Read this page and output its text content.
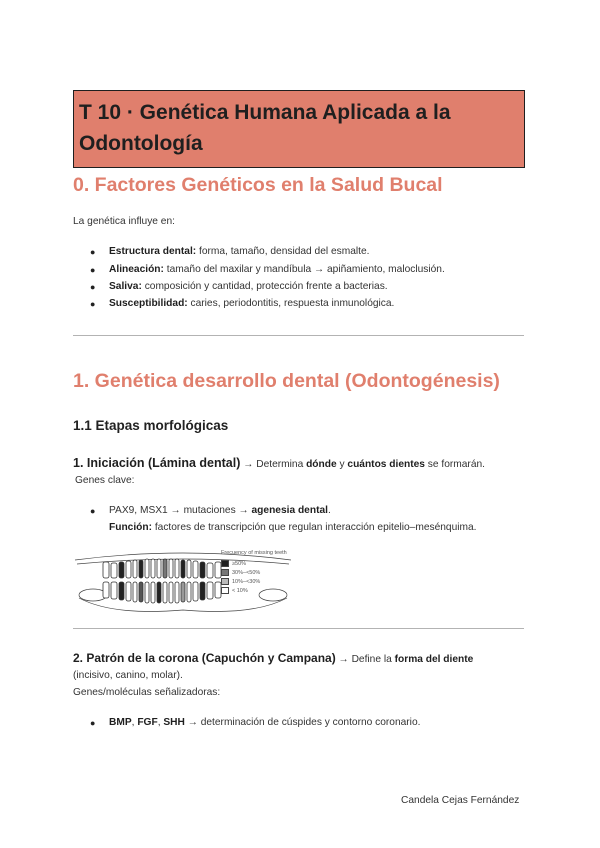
T 10 · Genética Humana Aplicada a la
Odontología
0. Factores Genéticos en la Salud Bucal
La genética influye en:
● Estructura dental: forma, tamaño, densidad del esmalte.
● Alineación: tamaño del maxilar y mandíbula → apiñamiento, maloclusión.
● Saliva: composición y cantidad, protección frente a bacterias.
● Susceptibilidad: caries, periodontitis, respuesta inmunológica.
1. Genética desarrollo dental (Odontogénesis)
1.1 Etapas morfológicas
1. Iniciación (Lámina dental) → Determina dónde y cuántos dientes se formarán.
Genes clave:
● PAX9, MSX1 → mutaciones → agenesia dental.
Función: factores de transcripción que regulan interacción epitelio–mesénquima.
Frecuency of missing teeth
≥50%
30%–<50%
10%–<30%
< 10%
2. Patrón de la corona (Capuchón y Campana) → Define la forma del diente
(incisivo, canino, molar).
Genes/moléculas señalizadoras:
● BMP, FGF, SHH → determinación de cúspides y contorno coronario.
Candela Cejas Fernández
